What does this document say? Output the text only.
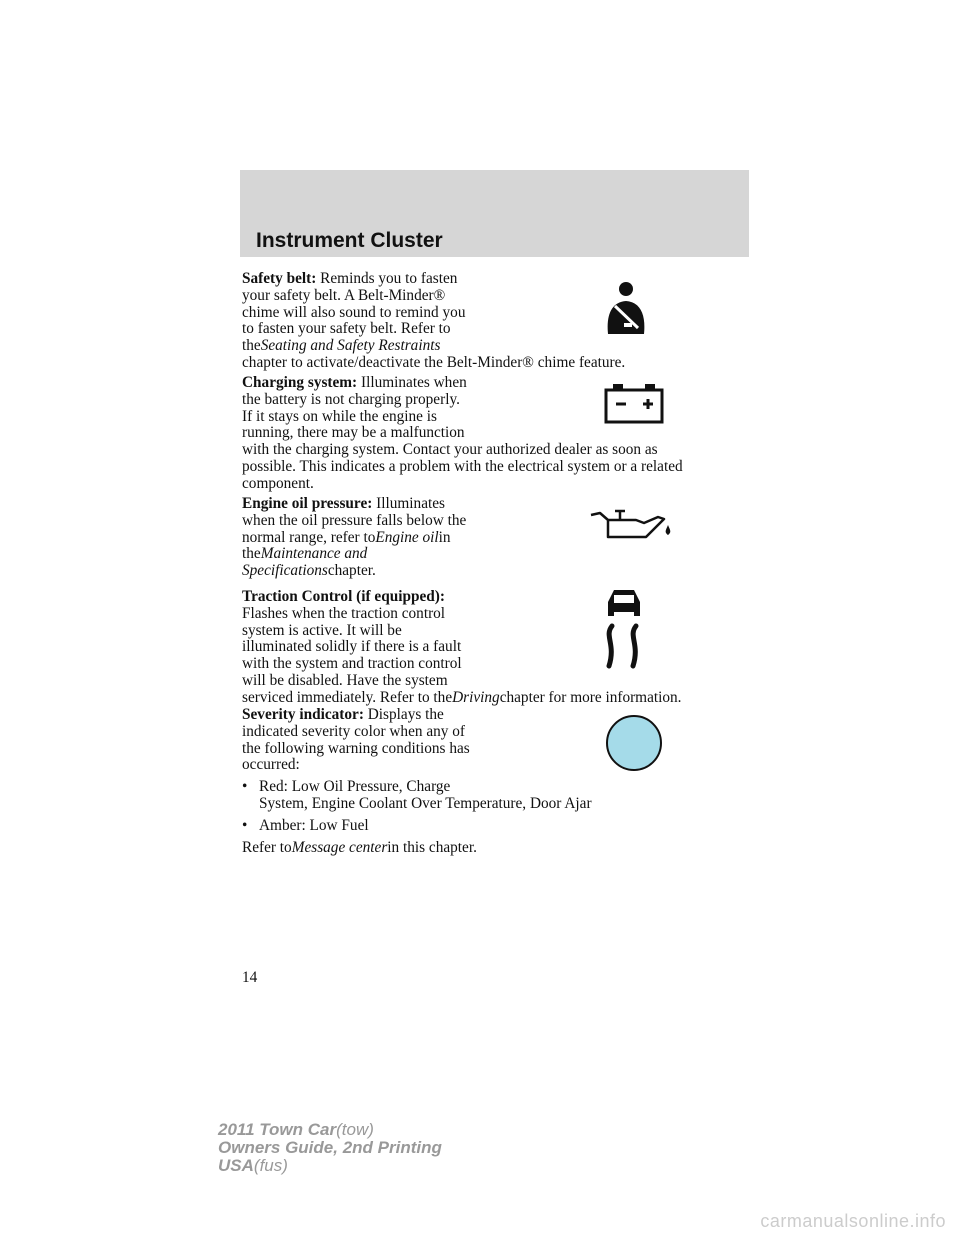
Instrument Cluster

Safety belt: Reminds you to fasten
your safety belt. A Belt-Minder®
chime will also sound to remind you
to fasten your safety belt. Refer to
theSeating and Safety Restraints
chapter to activate/deactivate the Belt-Minder® chime feature.

Charging system: Illuminates when
the battery is not charging properly.
If it stays on while the engine is
running, there may be a malfunction
with the charging system. Contact your authorized dealer as soon as
possible. This indicates a problem with the electrical system or a related
component.

Engine oil pressure: Illuminates
when the oil pressure falls below the
normal range, refer toEngine oilin
theMaintenance and
Specificationschapter.

Traction Control (if equipped):
Flashes when the traction control
system is active. It will be
illuminated solidly if there is a fault
with the system and traction control
will be disabled. Have the system
serviced immediately. Refer to theDrivingchapter for more information.

Severity indicator: Displays the
indicated severity color when any of
the following warning conditions has
occurred:

• Red: Low Oil Pressure, Charge
System, Engine Coolant Over Temperature, Door Ajar
• Amber: Low Fuel

Refer toMessage centerin this chapter.

14
2011 Town Car(tow)
Owners Guide, 2nd Printing
USA(fus)
carmanualsonline.info
